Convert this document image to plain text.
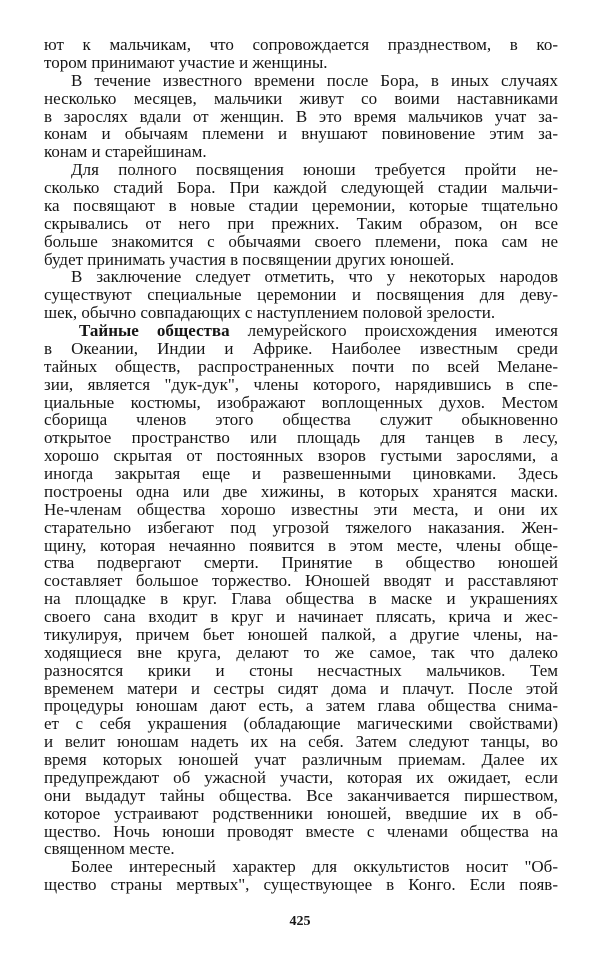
ют к мальчикам, что сопровождается празднеством, в ко-
тором принимают участие и женщины.
В течение известного времени после Бора, в иных случаях
несколько месяцев, мальчики живут со воими наставниками
в зарослях вдали от женщин. В это время мальчиков учат за-
конам и обычаям племени и внушают повиновение этим за-
конам и старейшинам.
Для полного посвящения юноши требуется пройти не-
сколько стадий Бора. При каждой следующей стадии мальчи-
ка посвящают в новые стадии церемонии, которые тщательно
скрывались от него при прежних. Таким образом, он все
больше знакомится с обычаями своего племени, пока сам не
будет принимать участия в посвящении других юношей.
В заключение следует отметить, что у некоторых народов
существуют специальные церемонии и посвящения для деву-
шек, обычно совпадающих с наступлением половой зрелости.
Тайные общества лемурейского происхождения имеются
в Океании, Индии и Африке. Наиболее известным среди
тайных обществ, распространенных почти по всей Мелане-
зии, является "дук-дук", члены которого, нарядившись в спе-
циальные костюмы, изображают воплощенных духов. Местом
сборища членов этого общества служит обыкновенно
открытое пространство или площадь для танцев в лесу,
хорошо скрытая от постоянных взоров густыми зарослями, а
иногда закрытая еще и развешенными циновками. Здесь
построены одна или две хижины, в которых хранятся маски.
Не-членам общества хорошо известны эти места, и они их
старательно избегают под угрозой тяжелого наказания. Жен-
щину, которая нечаянно появится в этом месте, члены обще-
ства подвергают смерти. Принятие в общество юношей
составляет большое торжество. Юношей вводят и расставляют
на площадке в круг. Глава общества в маске и украшениях
своего сана входит в круг и начинает плясать, крича и жес-
тикулируя, причем бьет юношей палкой, а другие члены, на-
ходящиеся вне круга, делают то же самое, так что далеко
разносятся крики и стоны несчастных мальчиков. Тем
временем матери и сестры сидят дома и плачут. После этой
процедуры юношам дают есть, а затем глава общества снима-
ет с себя украшения (обладающие магическими свойствами)
и велит юношам надеть их на себя. Затем следуют танцы, во
время которых юношей учат различным приемам. Далее их
предупреждают об ужасной участи, которая их ожидает, если
они выдадут тайны общества. Все заканчивается пиршеством,
которое устраивают родственники юношей, введшие их в об-
щество. Ночь юноши проводят вместе с членами общества на
священном месте.
Более интересный характер для оккультистов носит "Об-
щество страны мертвых", существующее в Конго. Если появ-
425
